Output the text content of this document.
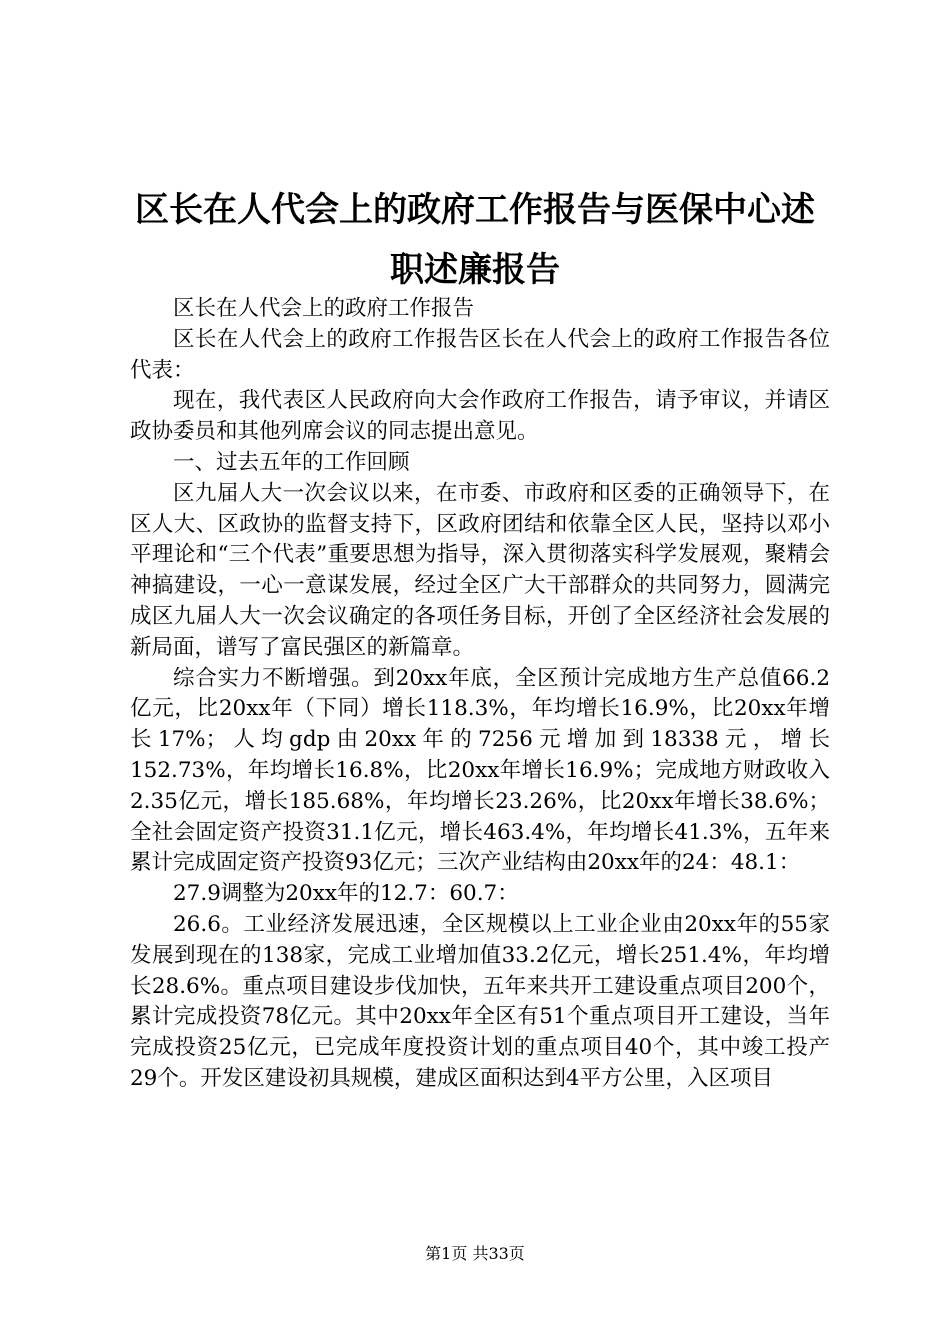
区长在人代会上的政府工作报告与医保中心述
职述廉报告

区长在人代会上的政府工作报告

区长在人代会上的政府工作报告区长在人代会上的政府工作报告各位代表：

现在，我代表区人民政府向大会作政府工作报告，请予审议，并请区政协委员和其他列席会议的同志提出意见。

一、过去五年的工作回顾

区九届人大一次会议以来，在市委、市政府和区委的正确领导下，在区人大、区政协的监督支持下，区政府团结和依靠全区人民，坚持以邓小平理论和“三个代表”重要思想为指导，深入贯彻落实科学发展观，聚精会神搞建设，一心一意谋发展，经过全区广大干部群众的共同努力，圆满完成区九届人大一次会议确定的各项任务目标，开创了全区经济社会发展的新局面，谱写了富民强区的新篇章。

综合实力不断增强。到20xx年底，全区预计完成地方生产总值66.2亿元，比20xx年（下同）增长118.3%，年均增长16.9%，比20xx年增长17%；人均gdp由20xx年的7256元增加到18338元，增长152.73%，年均增长16.8%，比20xx年增长16.9%；完成地方财政收入2.35亿元，增长185.68%，年均增长23.26%，比20xx年增长38.6%；全社会固定资产投资31.1亿元，增长463.4%，年均增长41.3%，五年来累计完成固定资产投资93亿元；三次产业结构由20xx年的24：48.1：

27.9调整为20xx年的12.7：60.7：

26.6。工业经济发展迅速，全区规模以上工业企业由20xx年的55家发展到现在的138家，完成工业增加值33.2亿元，增长251.4%，年均增长28.6%。重点项目建设步伐加快，五年来共开工建设重点项目200个，累计完成投资78亿元。其中20xx年全区有51个重点项目开工建设，当年完成投资25亿元，已完成年度投资计划的重点项目40个，其中竣工投产29个。开发区建设初具规模，建成区面积达到4平方公里，入区项目

第1页 共33页
